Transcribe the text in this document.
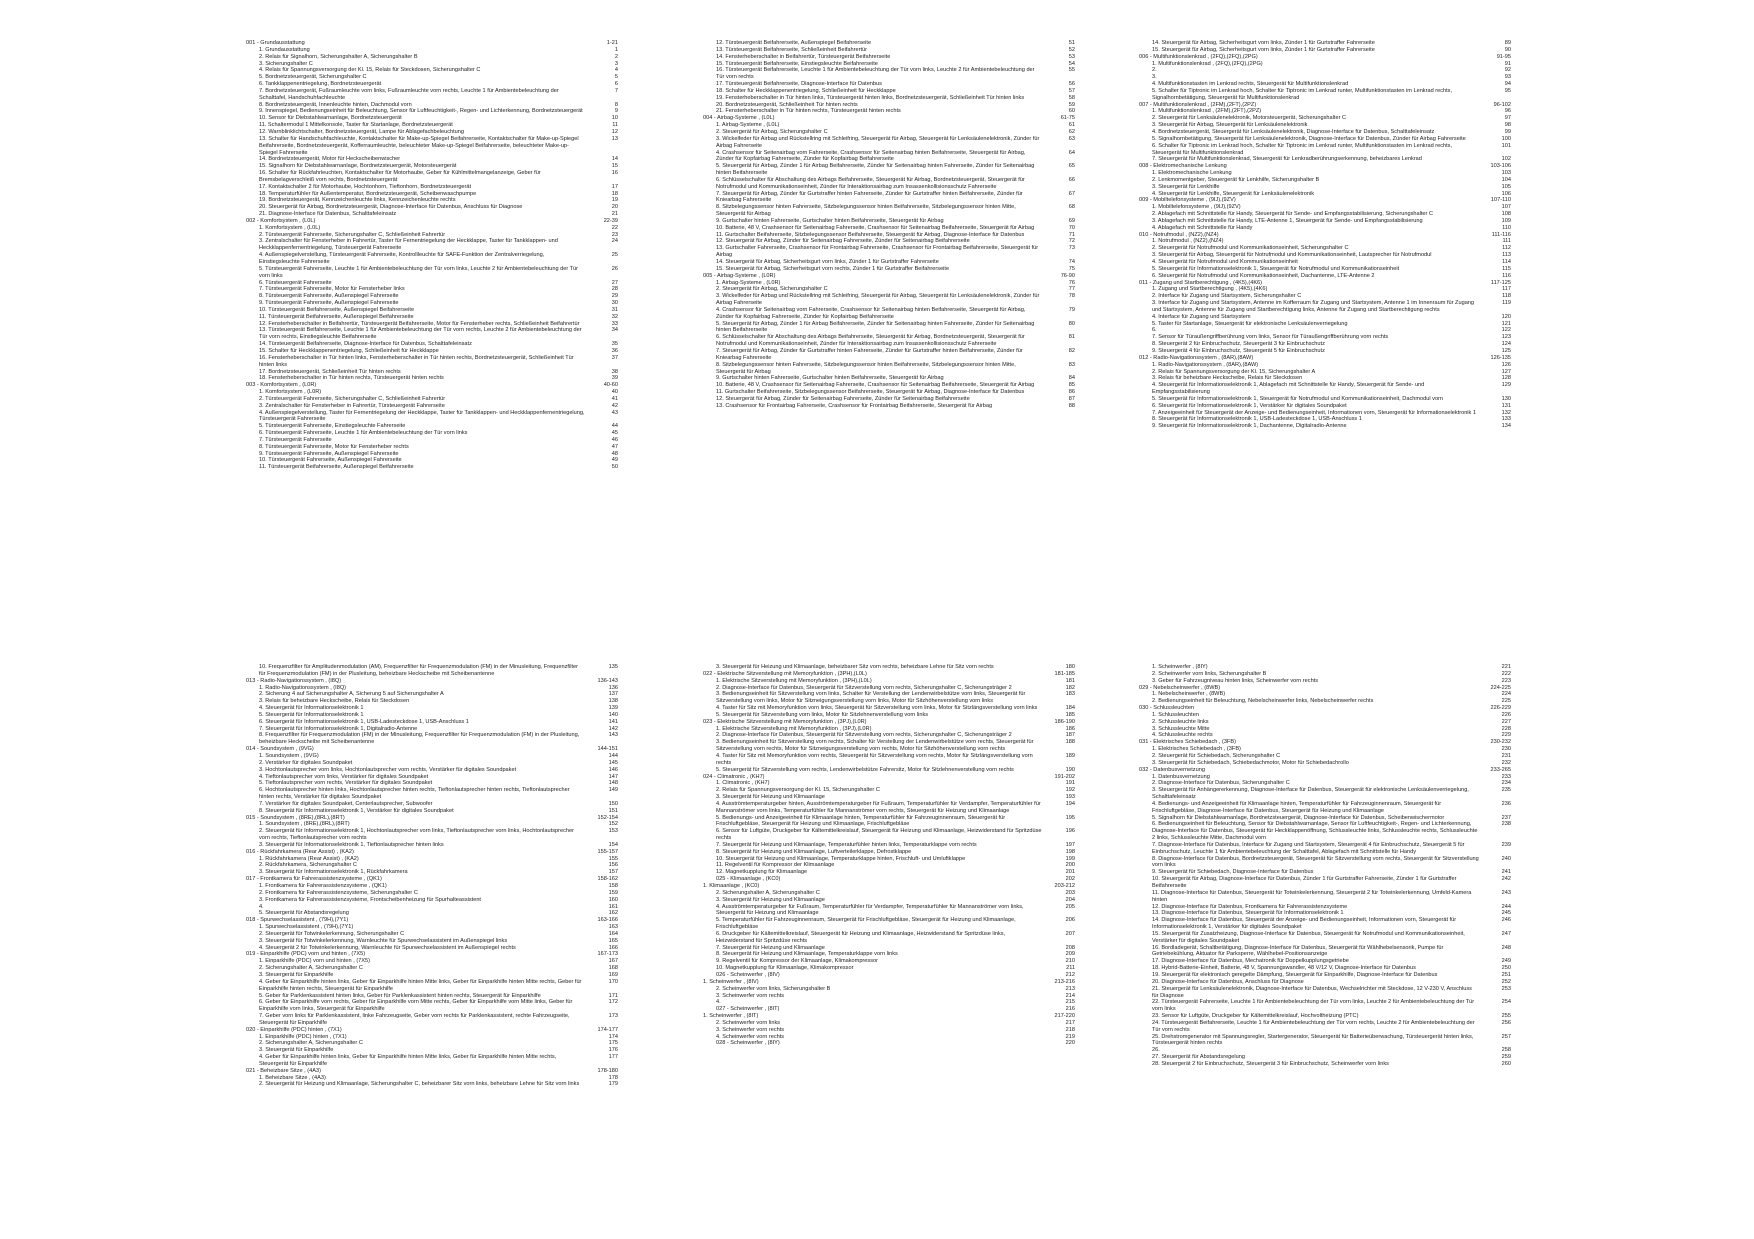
001 - Grundausstattung	1-21
1. Grundausstattung	1
2. Relais für Signalhorn, Sicherungshalter A, Sicherungshalter B	2
3. Sicherungshalter C	3
4. Relais für Spannungsversorgung der Kl. 15, Relais für Steckdosen, Sicherungshalter C	4
5. Bordnetzsteuergerät, Sicherungshalter C	5
6. Tankklappenentriegelung, Bordnetzsteuergerät	6
7. Bordnetzsteuergerät, Fußraumleuchte vorn links, Fußraumleuchte vorn rechts, Leuchte 1 für Ambientebeleuchtung der Schalttafel, Handschuhfachleuchte
7
8. Bordnetzsteuergerät, Innenleuchte hinten, Dachmodul vorn	8
9. Innenspiegel, Bedienungseinheit für Beleuchtung, Sensor für Luftfeuchtigkeit-, Regen- und Lichterkennung, Bordnetzsteuergerät	9
10. Sensor für Diebstahlwarnanlage, Bordnetzsteuergerät	10
11. Schaltermodul 1 Mittelkonsole, Taster für Startanlage, Bordnetzsteuergerät	11
12. Warnblinklichtschalter, Bordnetzsteuergerät, Lampe für Ablagefachbeleuchtung	12
13. Schalter für Handschuhfachleuchte, Kontaktschalter für Make-up-Spiegel Beifahrerseite, Kontaktschalter für Make-up-Spiegel Beifahrerseite, Bordnetzsteuergerät, Kofferraumleuchte, beleuchteter Make-up-Spiegel Beifahrerseite, beleuchteter Make-up-Spiegel Fahrerseite
13
14. Bordnetzsteuergerät, Motor für Heckscheibenwischer	14
15. Signalhorn für Diebstahlwarnanlage, Bordnetzsteuergerät, Motorsteuergerät	15
16. Schalter für Rückfahrleuchten, Kontaktschalter für Motorhaube, Geber für Kühlmittelmangelanzeige, Geber für Bremsbelagverschleiß vorn rechts, Bordnetzsteuergerät
16
17. Kontaktschalter 2 für Motorhaube, Hochtonhorn, Tieftonhorn, Bordnetzsteuergerät	17
18. Temperaturfühler für Außentemperatur, Bordnetzsteuergerät, Scheibenwaschpumpe	18
19. Bordnetzsteuergerät, Kennzeichenleuchte links, Kennzeichenleuchte rechts	19
20. Steuergerät für Airbag, Bordnetzsteuergerät, Diagnose-Interface für Datenbus, Anschluss für Diagnose	20
21. Diagnose-Interface für Datenbus, Schalttafeleinsatz	21
002 - Komfortsystem , (L0L)	22-39
1. Komfortsystem , (L0L)	22
2. Türsteuergerät Fahrerseite, Sicherungshalter C, Schließeinheit Fahrertür	23
3. Zentralschalter für Fensterheber in Fahrertür, Taster für Fernentriegelung der Heckklappe, Taster für Tankklappen- und Heckklappenfernentriegelung, Türsteuergerät Fahrerseite
24
4. Außenspiegelverstellung, Türsteuergerät Fahrerseite, Kontrollleuchte für SAFE-Funktion der Zentralverriegelung, Einstiegsleuchte Fahrerseite
25
5. Türsteuergerät Fahrerseite, Leuchte 1 für Ambientebeleuchtung der Tür vorn links, Leuchte 2 für Ambientebeleuchtung der Tür vorn links
26
6. Türsteuergerät Fahrerseite	27
7. Türsteuergerät Fahrerseite, Motor für Fensterheber links	28
8. Türsteuergerät Fahrerseite, Außenspiegel Fahrerseite	29
9. Türsteuergerät Fahrerseite, Außenspiegel Fahrerseite	30
10. Türsteuergerät Beifahrerseite, Außenspiegel Beifahrerseite	31
11. Türsteuergerät Beifahrerseite, Außenspiegel Beifahrerseite	32
12. Fensterheberschalter in Beifahrertür, Türsteuergerät Beifahrerseite, Motor für Fensterheber rechts, Schließeinheit Beifahrertür	33
13. Türsteuergerät Beifahrerseite, Leuchte 1 für Ambientebeleuchtung der Tür vorn rechts, Leuchte 2 für Ambientebeleuchtung der Tür vorn rechts, Einstiegsleuchte Beifahrerseite
34
14. Türsteuergerät Beifahrerseite, Diagnose-Interface für Datenbus, Schalttafeleinsatz	35
15. Schalter für Heckklappenentriegelung, Schließeinheit für Heckklappe	36
16. Fensterheberschalter in Tür hinten links, Fensterheberschalter in Tür hinten rechts, Bordnetzsteuergerät, Schließeinheit Tür hinten links
37
17. Bordnetzsteuergerät, Schließeinheit Tür hinten rechts	38
18. Fensterheberschalter in Tür hinten rechts, Türsteuergerät hinten rechts	39
003 - Komfortsystem , (L0R)	40-60
1. Komfortsystem , (L0R)	40
2. Türsteuergerät Fahrerseite, Sicherungshalter C, Schließeinheit Fahrertür	41
3. Zentralschalter für Fensterheber in Fahrertür, Türsteuergerät Fahrerseite	42
4. Außenspiegelverstellung, Taster für Fernentriegelung der Heckklappe, Taster für Tankklappen- und Heckklappenfernentriegelung, Türsteuergerät Fahrerseite
43
5. Türsteuergerät Fahrerseite, Einstiegsleuchte Fahrerseite	44
6. Türsteuergerät Fahrerseite, Leuchte 1 für Ambientebeleuchtung der Tür vorn links	45
7. Türsteuergerät Fahrerseite	46
8. Türsteuergerät Fahrerseite, Motor für Fensterheber rechts	47
9. Türsteuergerät Fahrerseite, Außenspiegel Fahrerseite	48
10. Türsteuergerät Fahrerseite, Außenspiegel Fahrerseite	49
11. Türsteuergerät Beifahrerseite, Außenspiegel Beifahrerseite	50
12. Türsteuergerät Beifahrerseite, Außenspiegel Beifahrerseite	51
13. Türsteuergerät Beifahrerseite, Schließeinheit Beifahrertür	52
14. Fensterheberschalter in Beifahrertür, Türsteuergerät Beifahrerseite	53
15. Türsteuergerät Beifahrerseite, Einstiegsleuchte Beifahrerseite	54
16. Türsteuergerät Beifahrerseite, Leuchte 1 für Ambientebeleuchtung der Tür vorn links, Leuchte 2 für Ambientebeleuchtung der Tür vorn rechts
55
17. Türsteuergerät Beifahrerseite, Diagnose-Interface für Datenbus	56
18. Schalter für Heckklappenentriegelung, Schließeinheit für Heckklappe	57
19. Fensterheberschalter in Tür hinten links, Türsteuergerät hinten links, Bordnetzsteuergerät, Schließeinheit Tür hinten links	58
20. Bordnetzsteuergerät, Schließeinheit Tür hinten rechts	59
21. Fensterheberschalter in Tür hinten rechts, Türsteuergerät hinten rechts	60
004 - Airbag-Systeme , (L0L)	61-75
1. Airbag-Systeme , (L0L)	61
2. Steuergerät für Airbag, Sicherungshalter C	62
3. Wickelfeder für Airbag und Rückstellring mit Schleifring, Steuergerät für Airbag, Steuergerät für Lenksäulenelektronik, Zünder für Airbag Fahrerseite
63
4. Crashsensor für Seitenairbag vorn Fahrerseite, Crashsensor für Seitenairbag hinten Beifahrerseite, Steuergerät für Airbag, Zünder für Kopfairbag Fahrerseite, Zünder für Kopfairbag Beifahrerseite
64
5. Steuergerät für Airbag, Zünder 1 für Airbag Beifahrerseite, Zünder für Seitenairbag hinten Fahrerseite, Zünder für Seitenairbag hinten Beifahrerseite
65
6. Schlüsselschalter für Abschaltung des Airbags Beifahrerseite, Steuergerät für Airbag, Bordnetzsteuergerät, Steuergerät für Notrufmodul und Kommunikationseinheit, Zünder für Interaktionsairbag zum Insassenkollisionsschutz Fahrerseite
66
7. Steuergerät für Airbag, Zünder für Gurtstraffer hinten Fahrerseite, Zünder für Gurtstraffer hinten Beifahrerseite, Zünder für Kniearbag Fahrerseite
67
8. Sitzbelegungssensor hinten Fahrerseite, Sitzbelegungssensor hinten Beifahrerseite, Sitzbelegungssensor hinten Mitte, Steuergerät für Airbag
68
9. Gurtschalter hinten Fahrerseite, Gurtschalter hinten Beifahrerseite, Steuergerät für Airbag	69
10. Batterie, 48 V, Crashsensor für Seitenairbag Fahrerseite, Crashsensor für Seitenairbag Beifahrerseite, Steuergerät für Airbag	70
11. Gurtschalter Beifahrerseite, Sitzbelegungssensor Beifahrerseite, Steuergerät für Airbag, Diagnose-Interface für Datenbus	71
12. Steuergerät für Airbag, Zünder für Seitenairbag Fahrerseite, Zünder für Seitenairbag Beifahrerseite	72
13. Gurtschalter Fahrerseite, Crashsensor für Frontairbag Fahrerseite, Crashsensor für Frontairbag Beifahrerseite, Steuergerät für Airbag
73
14. Steuergerät für Airbag, Sicherheitsgurt vorn links, Zünder 1 für Gurtstraffer Fahrerseite	74
15. Steuergerät für Airbag, Sicherheitsgurt vorn rechts, Zünder 1 für Gurtstraffer Beifahrerseite	75
005 - Airbag-Systeme , (L0R)	76-90
1. Airbag-Systeme , (L0R)	76
2. Steuergerät für Airbag, Sicherungshalter C	77
3. Wickelfeder für Airbag und Rückstellring mit Schleifring, Steuergerät für Airbag, Steuergerät für Lenksäulenelektronik, Zünder für Airbag Fahrerseite
78
4. Crashsensor für Seitenairbag vorn Fahrerseite, Crashsensor für Seitenairbag hinten Beifahrerseite, Steuergerät für Airbag, Zünder für Kopfairbag Fahrerseite, Zünder für Kopfairbag Beifahrerseite
79
5. Steuergerät für Airbag, Zünder 1 für Airbag Beifahrerseite, Zünder für Seitenairbag hinten Fahrerseite, Zünder für Seitenairbag hinten Beifahrerseite
80
6. Schlüsselschalter für Abschaltung des Airbags Beifahrerseite, Steuergerät für Airbag, Bordnetzsteuergerät, Steuergerät für Notrufmodul und Kommunikationseinheit, Zünder für Interaktionsairbag zum Insassenkollisionsschutz Fahrerseite
81
7. Steuergerät für Airbag, Zünder für Gurtstraffer hinten Fahrerseite, Zünder für Gurtstraffer hinten Beifahrerseite, Zünder für Kniearbag Fahrerseite
82
8. Sitzbelegungssensor hinten Fahrerseite, Sitzbelegungssensor hinten Beifahrerseite, Sitzbelegungssensor hinten Mitte, Steuergerät für Airbag
83
9. Gurtschalter hinten Fahrerseite, Gurtschalter hinten Beifahrerseite, Steuergerät für Airbag	84
10. Batterie, 48 V, Crashsensor für Seitenairbag Fahrerseite, Crashsensor für Seitenairbag Beifahrerseite, Steuergerät für Airbag	85
11. Gurtschalter Beifahrerseite, Sitzbelegungssensor Beifahrerseite, Steuergerät für Airbag, Diagnose-Interface für Datenbus	86
12. Steuergerät für Airbag, Zünder für Seitenairbag Fahrerseite, Zünder für Seitenairbag Beifahrerseite	87
13. Crashsensor für Frontairbag Fahrerseite, Crashsensor für Frontairbag Beifahrerseite, Steuergerät für Airbag	88
14. Steuergerät für Airbag, Sicherheitsgurt vorn links, Zünder 1 für Gurtstraffer Fahrerseite	89
15. Steuergerät für Airbag, Sicherheitsgurt vorn links, Zünder 1 für Gurtstraffer Fahrerseite	90
006 - Multifunktionslenkrad , (2FQ),(2FQ),(2PG)	91-95
1. Multifunktionslenkrad , (2FQ),(2FQ),(2PG)	91
2.	92
3.	93
4. Multifunktionstasten im Lenkrad rechts, Steuergerät für Multifunktionslenkrad	94
5. Schalter für Tiptronic im Lenkrad hoch, Schalter für Tiptronic im Lenkrad runter, Multifunktionstasten im Lenkrad rechts, Signalhornbetätigung, Steuergerät für Multifunktionslenkrad
95
007 - Multifunktionslenkrad , (2FM),(2FT),(2PZ)	96-102
1. Multifunktionslenkrad , (2FM),(2FT),(2PZ)	96
2. Steuergerät für Lenksäulenelektronik, Motorsteuergerät, Sicherungshalter C	97
3. Steuergerät für Airbag, Steuergerät für Lenksäulenelektronik	98
4. Bordnetzsteuergerät, Steuergerät für Lenksäulenelektronik, Diagnose-Interface für Datenbus, Schalttafeleinsatz	99
5. Signalhornbetätigung, Steuergerät für Lenksäulenelektronik, Diagnose-Interface für Datenbus, Zünder für Airbag Fahrerseite	100
6. Schalter für Tiptronic im Lenkrad hoch, Schalter für Tiptronic im Lenkrad runter, Multifunktionstasten im Lenkrad rechts, Steuergerät für Multifunktionslenkrad
101
7. Steuergerät für Multifunktionslenkrad, Steuergerät für Lenkradberührungserkennung, beheizbares Lenkrad	102
008 - Elektromechanische Lenkung	103-106
1. Elektromechanische Lenkung	103
2. Lenkmomentgeber, Steuergerät für Lenkhilfe, Sicherungshalter B	104
3. Steuergerät für Lenkhilfe	105
4. Steuergerät für Lenkhilfe, Steuergerät für Lenksäulenelektronik	106
009 - Mobiltelefonsysteme , (9IJ),(9ZV)	107-110
1. Mobiltelefonsysteme , (9IJ),(9ZV)	107
2. Ablagefach mit Schnittstelle für Handy, Steuergerät für Sende- und Empfangsstabilisierung, Sicherungshalter C	108
3. Ablagefach mit Schnittstelle für Handy, LTE-Antenne 1, Steuergerät für Sende- und Empfangsstabilisierung	109
4. Ablagefach mit Schnittstelle für Handy	110
010 - Notrufmodul , (NZ2),(NZ4)	111-116
1. Notrufmodul , (NZ2),(NZ4)	111
2. Steuergerät für Notrufmodul und Kommunikationseinheit, Sicherungshalter C	112
3. Steuergerät für Airbag, Steuergerät für Notrufmodul und Kommunikationseinheit, Lautsprecher für Notrufmodul	113
4. Steuergerät für Notrufmodul und Kommunikationseinheit	114
5. Steuergerät für Informationselektronik 1, Steuergerät für Notrufmodul und Kommunikationseinheit	115
6. Steuergerät für Notrufmodul und Kommunikationseinheit, Dachantenne, LTE-Antenne 2	116
011 - Zugang und Startberechtigung , (4K5),(4K6)	117-125
1. Zugang und Startberechtigung , (4K5),(4K6)	117
2. Interface für Zugang und Startsystem, Sicherungshalter C	118
3. Interface für Zugang und Startsystem, Antenne im Kofferraum für Zugang und Startsystem, Antenne 1 im Innenraum für Zugang und Startsystem, Antenne für Zugang und Startberechtigung links, Antenne für Zugang und Startberechtigung rechts
119
4. Interface für Zugang und Startsystem	120
5. Taster für Startanlage, Steuergerät für elektronische Lenksäulenverriegelung	121
6.	122
7. Sensor für Türaußengriffberührung vorn links, Sensor für Türaußengriffberührung vorn rechts	123
8. Steuergerät 2 für Einbruchschutz, Steuergerät 3 für Einbruchschutz	124
9. Steuergerät 4 für Einbruchschutz, Steuergerät 5 für Einbruchschutz	125
012 - Radio-Navigationssystem , (8AR),(8AW)	126-135
1. Radio-Navigationssystem , (8AR),(8AW)	126
2. Relais für Spannungsversorgung der Kl. 15, Sicherungshalter A	127
3. Relais für beheizbare Heckscheibe, Relais für Steckdosen	128
4. Steuergerät für Informationselektronik 1, Ablagefach mit Schnittstelle für Handy, Steuergerät für Sende- und Empfangsstabilisierung
129
5. Steuergerät für Informationselektronik 1, Steuergerät für Notrufmodul und Kommunikationseinheit, Dachmodul vorn	130
6. Steuergerät für Informationselektronik 1, Verstärker für digitales Soundpaket	131
7. Anzeigeeinheit für Steuergerät der Anzeige- und Bedienungseinheit, Informationen vorn, Steuergerät für Informationselektronik 1	132
8. Steuergerät für Informationselektronik 1, USB-Ladesteckdose 1, USB-Anschluss 1	133
9. Steuergerät für Informationselektronik 1, Dachantenne, Digitalradio-Antenne	134
10. Frequenzfilter für Amplitudenmodulation (AM), Frequenzfilter für Frequenzmodulation (FM) in der Minusleitung, Frequenzfilter für Frequenzmodulation (FM) in der Plusleitung, beheizbare Heckscheibe mit Scheibenantenne
135
013 - Radio-Navigationssystem , (I8Q)	136-143
1. Radio-Navigationssystem , (I8Q)	136
2. Sicherung 4 auf Sicherungshalter A, Sicherung 5 auf Sicherungshalter A	137
3. Relais für beheizbare Heckscheibe, Relais für Steckdosen	138
4. Steuergerät für Informationselektronik 1	139
5. Steuergerät für Informationselektronik 1	140
6. Steuergerät für Informationselektronik 1, USB-Ladesteckdose 1, USB-Anschluss 1	141
7. Steuergerät für Informationselektronik 1, Digitalradio-Antenne	142
8. Frequenzfilter für Frequenzmodulation (FM) in der Minusleitung, Frequenzfilter für Frequenzmodulation (FM) in der Plusleitung, beheizbare Heckscheibe mit Scheibenantenne
143
014 - Soundsystem , (9VG)	144-151
1. Soundsystem , (9VG)	144
2. Verstärker für digitales Soundpaket	145
3. Hochtonlautsprecher vorn links, Hochtonlautsprecher vorn rechts, Verstärker für digitales Soundpaket	146
4. Tieftonlautsprecher vorn links, Verstärker für digitales Soundpaket	147
5. Tieftonlautsprecher vorn rechts, Verstärker für digitales Soundpaket	148
6. Hochtonlautsprecher hinten links, Hochtonlautsprecher hinten rechts, Tieftonlautsprecher hinten rechts, Tieftonlautsprecher hinten rechts, Verstärker für digitales Soundpaket
149
7. Verstärker für digitales Soundpaket, Centerlautsprecher, Subwoofer	150
8. Steuergerät für Informationselektronik 1, Verstärker für digitales Soundpaket	151
015 - Soundsystem , (8RE),(8RL),(8RT)	152-154
1. Soundsystem , (8RE),(8RL),(8RT)	152
2. Steuergerät für Informationselektronik 1, Hochtonlautsprecher vorn links, Tieftonlautsprecher vorn links, Hochtonlautsprecher vorn rechts, Tieftonlautsprecher vorn rechts
153
3. Steuergerät für Informationselektronik 1, Tieftonlautsprecher hinten links	154
016 - Rückfahrkamera (Rear Assist) , (KA2)	155-157
1. Rückfahrkamera (Rear Assist) , (KA2)	155
2. Rückfahrkamera, Sicherungshalter C	156
3. Steuergerät für Informationselektronik 1, Rückfahrkamera	157
017 - Frontkamera für Fahrerassistenzsysteme , (QK1)	158-162
1. Frontkamera für Fahrerassistenzsysteme , (QK1)	158
2. Frontkamera für Fahrerassistenzsysteme, Sicherungshalter C	159
3. Frontkamera für Fahrerassistenzsysteme, Frontscheibenheizung für Spurhalteassistent	160
4.	161
5. Steuergerät für Abstandsregelung	162
018 - Spurwechselassistent , (79H),(7Y1)	163-166
1. Spurwechselassistent , (79H),(7Y1)	163
2. Steuergerät für Totwinkelerkennung, Sicherungshalter C	164
3. Steuergerät für Totwinkelerkennung, Warnleuchte für Spurwechselassistent im Außenspiegel links	165
4. Steuergerät 2 für Totwinkelerkennung, Warnleuchte für Spurwechselassistent im Außenspiegel rechts	166
019 - Einparkhilfe (PDC) vorn und hinten , (7X5)	167-173
1. Einparkhilfe (PDC) vorn und hinten , (7X5)	167
2. Sicherungshalter A, Sicherungshalter C	168
3. Steuergerät für Einparkhilfe	169
4. Geber für Einparkhilfe hinten links, Geber für Einparkhilfe hinten Mitte links, Geber für Einparkhilfe hinten Mitte rechts, Geber für Einparkhilfe hinten rechts, Steuergerät für Einparkhilfe
170
5. Geber für Parklenkassistent hinten links, Geber für Parklenkassistent hinten rechts, Steuergerät für Einparkhilfe	171
6. Geber für Einparkhilfe vorn rechts, Geber für Einparkhilfe vorn Mitte rechts, Geber für Einparkhilfe vorn Mitte links, Geber für Einparkhilfe vorn links, Steuergerät für Einparkhilfe
172
7. Geber vorn links für Parklenkassistent, linke Fahrzeugseite, Geber vorn rechts für Parklenkassistent, rechte Fahrzeugseite, Steuergerät für Einparkhilfe
173
020 - Einparkhilfe (PDC) hinten , (7X1)	174-177
1. Einparkhilfe (PDC) hinten , (7X1)	174
2. Sicherungshalter A, Sicherungshalter C	175
3. Steuergerät für Einparkhilfe	176
4. Geber für Einparkhilfe hinten links, Geber für Einparkhilfe hinten Mitte links, Geber für Einparkhilfe hinten Mitte rechts, Steuergerät für Einparkhilfe
177
021 - Beheizbare Sitze , (4A3)	178-180
1. Beheizbare Sitze , (4A3)	178
2. Steuergerät für Heizung und Klimaanlage, Sicherungshalter C, beheizbarer Sitz vorn links, beheizbare Lehne für Sitz vorn links	179
3. Steuergerät für Heizung und Klimaanlage, beheizbarer Sitz vorn rechts, beheizbare Lehne für Sitz vorn rechts	180
022 - Elektrische Sitzverstellung mit Memoryfunktion , (3PH),(L0L)	181-185
1. Elektrische Sitzverstellung mit Memoryfunktion , (3PH),(L0L)	181
2. Diagnose-Interface für Datenbus, Steuergerät für Sitzverstellung vorn rechts, Sicherungshalter C, Sicherungsträger 2	182
3. Bedienungseinheit für Sitzverstellung vorn links, Schalter für Verstellung der Lendenwirbelstütze vorn links, Steuergerät für Sitzverstellung vorn links, Motor für Sitzneigungsverstellung vorn links, Motor für Sitzhöhenverstellung vorn links
183
4. Taster für Sitz mit Memoryfunktion vorn links, Steuergerät für Sitzverstellung vorn links, Motor für Sitzlängsverstellung vorn links	184
5. Steuergerät für Sitzverstellung vorn links, Motor für Sitzlehnenverstellung vorn links	185
023 - Elektrische Sitzverstellung mit Memoryfunktion , (3PJ),(L0R)	186-190
1. Elektrische Sitzverstellung mit Memoryfunktion , (3PJ),(L0R)	186
2. Diagnose-Interface für Datenbus, Steuergerät für Sitzverstellung vorn rechts, Sicherungshalter C, Sicherungsträger 2	187
3. Bedienungseinheit für Sitzverstellung vorn rechts, Schalter für Verstellung der Lendenwirbelstütze vorn rechts, Steuergerät für Sitzverstellung vorn rechts, Motor für Sitzneigungsverstellung vorn rechts, Motor für Sitzhöhenverstellung vorn rechts
188
4. Taster für Sitz mit Memoryfunktion vorn rechts, Steuergerät für Sitzverstellung vorn rechts, Motor für Sitzlängsverstellung vorn rechts
189
5. Steuergerät für Sitzverstellung vorn rechts, Lendenwirbelstütze Fahrersitz, Motor für Sitzlehnenverstellung vorn rechts	190
024 - Climatronic , (KH7)	191-202
1. Climatronic , (KH7)	191
2. Relais für Spannungsversorgung der Kl. 15, Sicherungshalter C	192
3. Steuergerät für Heizung und Klimaanlage	193
4. Ausströmtemperaturgeber hinten, Ausströmtemperaturgeber für Fußraum, Temperaturfühler für Verdampfer, Temperaturfühler für Mannanströmer vorn links, Temperaturfühler für Mannanströmer vorn rechts, Steuergerät für Heizung und Klimaanlage
194
5. Bedienungs- und Anzeigeeinheit für Klimaanlage hinten, Temperaturfühler für Fahrzeuginnenraum, Steuergerät für Frischluftgebläse, Steuergerät für Heizung und Klimaanlage, Frischluftgebläse
195
6. Sensor für Luftgüte, Druckgeber für Kältemittelkreislauf, Steuergerät für Heizung und Klimaanlage, Heizwiderstand für Spritzdüse rechts
196
7. Steuergerät für Heizung und Klimaanlage, Temperaturfühler hinten links, Temperaturklappe vorn rechts	197
8. Steuergerät für Heizung und Klimaanlage, Luftverteilerklappe, Defrostklappe	198
10. Steuergerät für Heizung und Klimaanlage, Temperaturklappe hinten, Frischluft- und Umluftklappe	199
11. Regelventil für Kompressor der Klimaanlage	200
12. Magnetkupplung für Klimaanlage	201
025 - Klimaanlage , (KC0)	202
1. Klimaanlage , (KC0)	203-212
2. Sicherungshalter A, Sicherungshalter C	203
3. Steuergerät für Heizung und Klimaanlage	204
4. Ausströmtemperaturgeber für Fußraum, Temperaturfühler für Verdampfer, Temperaturfühler für Mannanströmer vorn links, Steuergerät für Heizung und Klimaanlage
205
5. Temperaturfühler für Fahrzeuginnenraum, Steuergerät für Frischluftgebläse, Steuergerät für Heizung und Klimaanlage, Frischluftgebläse
206
6. Druckgeber für Kältemittelkreislauf, Steuergerät für Heizung und Klimaanlage, Heizwiderstand für Spritzdüse links, Heizwiderstand für Spritzdüse rechts
207
7. Steuergerät für Heizung und Klimaanlage	208
8. Steuergerät für Heizung und Klimaanlage, Temperaturklappe vorn links	209
9. Regelventil für Kompressor der Klimaanlage, Klimakompressor	210
10. Magnetkupplung für Klimaanlage, Klimakompressor	211
026 - Scheinwerfer , (8IV)	212
1. Scheinwerfer , (8IV)	213-216
2. Scheinwerfer vorn links, Sicherungshalter B	213
3. Scheinwerfer vorn rechts	214
4.	215
027 - Scheinwerfer , (8IT)	216
1. Scheinwerfer , (8IT)	217-220
2. Scheinwerfer vorn links	217
3. Scheinwerfer vorn rechts	218
4. Scheinwerfer vorn rechts	219
028 - Scheinwerfer , (8IY)	220
1. Scheinwerfer , (8IY)	221
2. Scheinwerfer vorn links, Sicherungshalter B	222
3. Geber für Fahrzeugniveau hinten links, Scheinwerfer vorn rechts	223
029 - Nebelscheinwerfer , (8WB)	224-225
1. Nebelscheinwerfer , (8WB)	224
2. Bedienungseinheit für Beleuchtung, Nebelscheinwerfer links, Nebelscheinwerfer rechts	225
030 - Schlussleuchten	226-229
1. Schlussleuchten	226
2. Schlussleuchte links	227
3. Schlussleuchte Mitte	228
4. Schlussleuchte rechts	229
031 - Elektrisches Schiebedach , (3FB)	230-232
1. Elektrisches Schiebedach , (3FB)	230
2. Steuergerät für Schiebedach, Sicherungshalter C	231
3. Steuergerät für Schiebedach, Schiebedachmotor, Motor für Schiebedachrollo	232
032 - Datenbusvernetzung	233-265
1. Datenbusvernetzung	233
2. Diagnose-Interface für Datenbus, Sicherungshalter C	234
3. Steuergerät für Anhängererkennung, Diagnose-Interface für Datenbus, Steuergerät für elektronische Lenksäulenverriegelung, Schalttafeleinsatz
235
4. Bedienungs- und Anzeigeeinheit für Klimaanlage hinten, Temperaturfühler für Fahrzeuginnenraum, Steuergerät für Frischluftgebläse, Diagnose-Interface für Datenbus, Steuergerät für Heizung und Klimaanlage
236
5. Signalhorn für Diebstahlwarnanlage, Bordnetzsteuergerät, Diagnose-Interface für Datenbus, Scheibenwischermotor	237
6. Bedienungseinheit für Beleuchtung, Sensor für Diebstahlwarnanlage, Sensor für Luftfeuchtigkeit-, Regen- und Lichterkennung, Diagnose-Interface für Datenbus, Steuergerät für Heckklappenöffnung, Schlussleuchte links, Schlussleuchte rechts, Schlussleuchte 2 links, Schlussleuchte Mitte, Dachmodul vorn
238
7. Diagnose-Interface für Datenbus, Interface für Zugang und Startsystem, Steuergerät 4 für Einbruchschutz, Steuergerät 5 für Einbruchschutz, Leuchte 1 für Ambientebeleuchtung der Schalttafel, Ablagefach mit Schnittstelle für Handy
239
8. Diagnose-Interface für Datenbus, Bordnetzsteuergerät, Steuergerät für Sitzverstellung vorn rechts, Steuergerät für Sitzverstellung vorn links
240
9. Steuergerät für Schiebedach, Diagnose-Interface für Datenbus	241
10. Steuergerät für Airbag, Diagnose-Interface für Datenbus, Zünder 1 für Gurtstraffer Fahrerseite, Zünder 1 für Gurtstraffer Beifahrerseite
242
11. Diagnose-Interface für Datenbus, Steuergerät für Totwinkelerkennung, Steuergerät 2 für Totwinkelerkennung, Umfeld-Kamera hinten
243
12. Diagnose-Interface für Datenbus, Frontkamera für Fahrerassistenzsysteme	244
13. Diagnose-Interface für Datenbus, Steuergerät für Informationselektronik 1	245
14. Diagnose-Interface für Datenbus, Steuergerät der Anzeige- und Bedienungseinheit, Informationen vorn, Steuergerät für Informationselektronik 1, Verstärker für digitales Soundpaket
246
15. Steuergerät für Zusatzheizung, Diagnose-Interface für Datenbus, Steuergerät für Notrufmodul und Kommunikationseinheit, Verstärker für digitales Soundpaket
247
16. Bordladegerät, Schaltbetätigung, Diagnose-Interface für Datenbus, Steuergerät für Wählhebelsensorik, Pumpe für Getriebekühlung, Aktuator für Parksperre, Wählhebel-Positionsanzeige
248
17. Diagnose-Interface für Datenbus, Mechatronik für Doppelkupplungsgetriebe	249
18. Hybrid-Batterie-Einheit, Batterie, 48 V, Spannungswandler, 48 V/12 V, Diagnose-Interface für Datenbus	250
19. Steuergerät für elektronisch geregelte Dämpfung, Steuergerät für Einparkhilfe, Diagnose-Interface für Datenbus	251
20. Diagnose-Interface für Datenbus, Anschluss für Diagnose	252
21. Steuergerät für Lenksäulenelektronik, Diagnose-Interface für Datenbus, Wechselrichter mit Steckdose, 12 V-230 V, Anschluss für Diagnose
253
22. Türsteuergerät Fahrerseite, Leuchte 1 für Ambientebeleuchtung der Tür vorn links, Leuchte 2 für Ambientebeleuchtung der Tür vorn links
254
23. Sensor für Luftgüte, Druckgeber für Kältemittelkreislauf, Hochvoltheizung (PTC)	255
24. Türsteuergerät Beifahrerseite, Leuchte 1 für Ambientebeleuchtung der Tür vorn rechts, Leuchte 2 für Ambientebeleuchtung der Tür vorn rechts
256
25. Drehstromgenerator mit Spannungsregler, Startergenerator, Steuergerät für Batterieüberwachung, Türsteuergerät hinten links, Türsteuergerät hinten rechts
257
26.	258
27. Steuergerät für Abstandsregelung	259
28. Steuergerät 2 für Einbruchschutz, Steuergerät 3 für Einbruchschutz, Scheinwerfer vorn links	260
